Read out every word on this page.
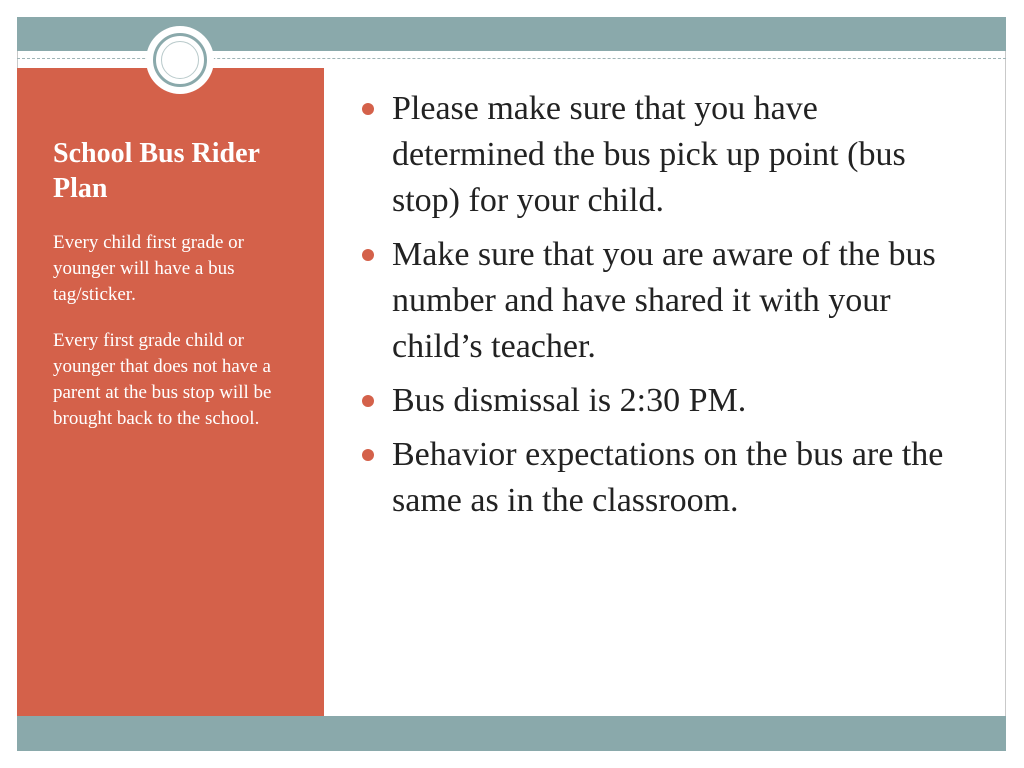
School Bus Rider Plan

Every child first grade or younger will have a bus tag/sticker.

Every first grade child or younger that does not have a parent at the bus stop will be brought back to the school.

Please make sure that you have determined the bus pick up point (bus stop) for your child.
Make sure that you are aware of the bus number and have shared it with your child’s teacher.
Bus dismissal is 2:30 PM.
Behavior expectations on the bus are the same as in the classroom.
